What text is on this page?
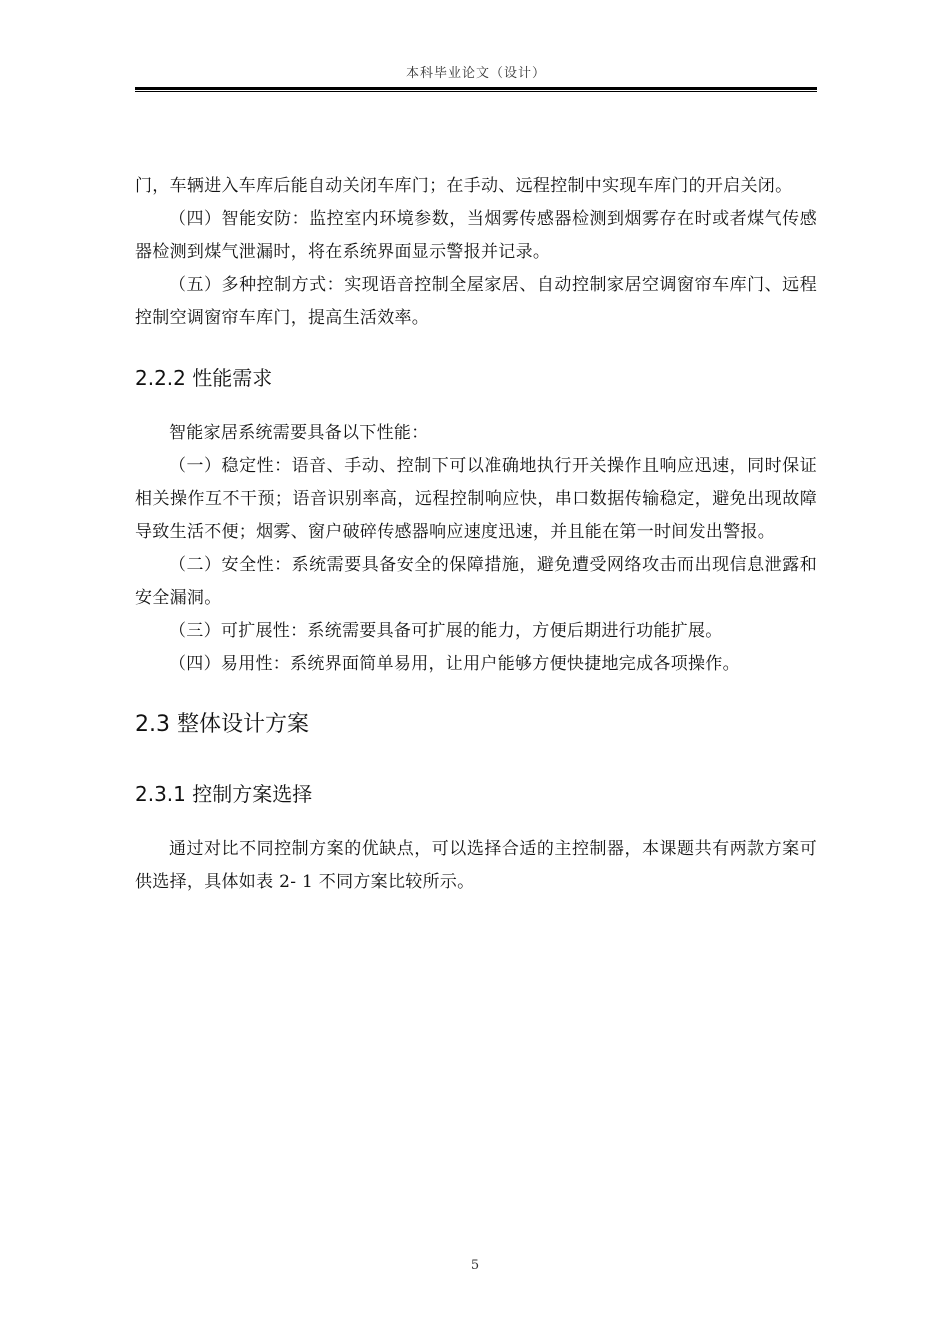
本科毕业论文（设计）

门，车辆进入车库后能自动关闭车库门；在手动、远程控制中实现车库门的开启关闭。

（四）智能安防：监控室内环境参数，当烟雾传感器检测到烟雾存在时或者煤气传感器检测到煤气泄漏时，将在系统界面显示警报并记录。

（五）多种控制方式：实现语音控制全屋家居、自动控制家居空调窗帘车库门、远程控制空调窗帘车库门，提高生活效率。

2.2.2 性能需求

智能家居系统需要具备以下性能：

（一）稳定性：语音、手动、控制下可以准确地执行开关操作且响应迅速，同时保证相关操作互不干预；语音识别率高，远程控制响应快，串口数据传输稳定，避免出现故障导致生活不便；烟雾、窗户破碎传感器响应速度迅速，并且能在第一时间发出警报。

（二）安全性：系统需要具备安全的保障措施，避免遭受网络攻击而出现信息泄露和安全漏洞。

（三）可扩展性：系统需要具备可扩展的能力，方便后期进行功能扩展。

（四）易用性：系统界面简单易用，让用户能够方便快捷地完成各项操作。

2.3 整体设计方案
2.3.1 控制方案选择

通过对比不同控制方案的优缺点，可以选择合适的主控制器，本课题共有两款方案可供选择，具体如表 2- 1 不同方案比较所示。

5
